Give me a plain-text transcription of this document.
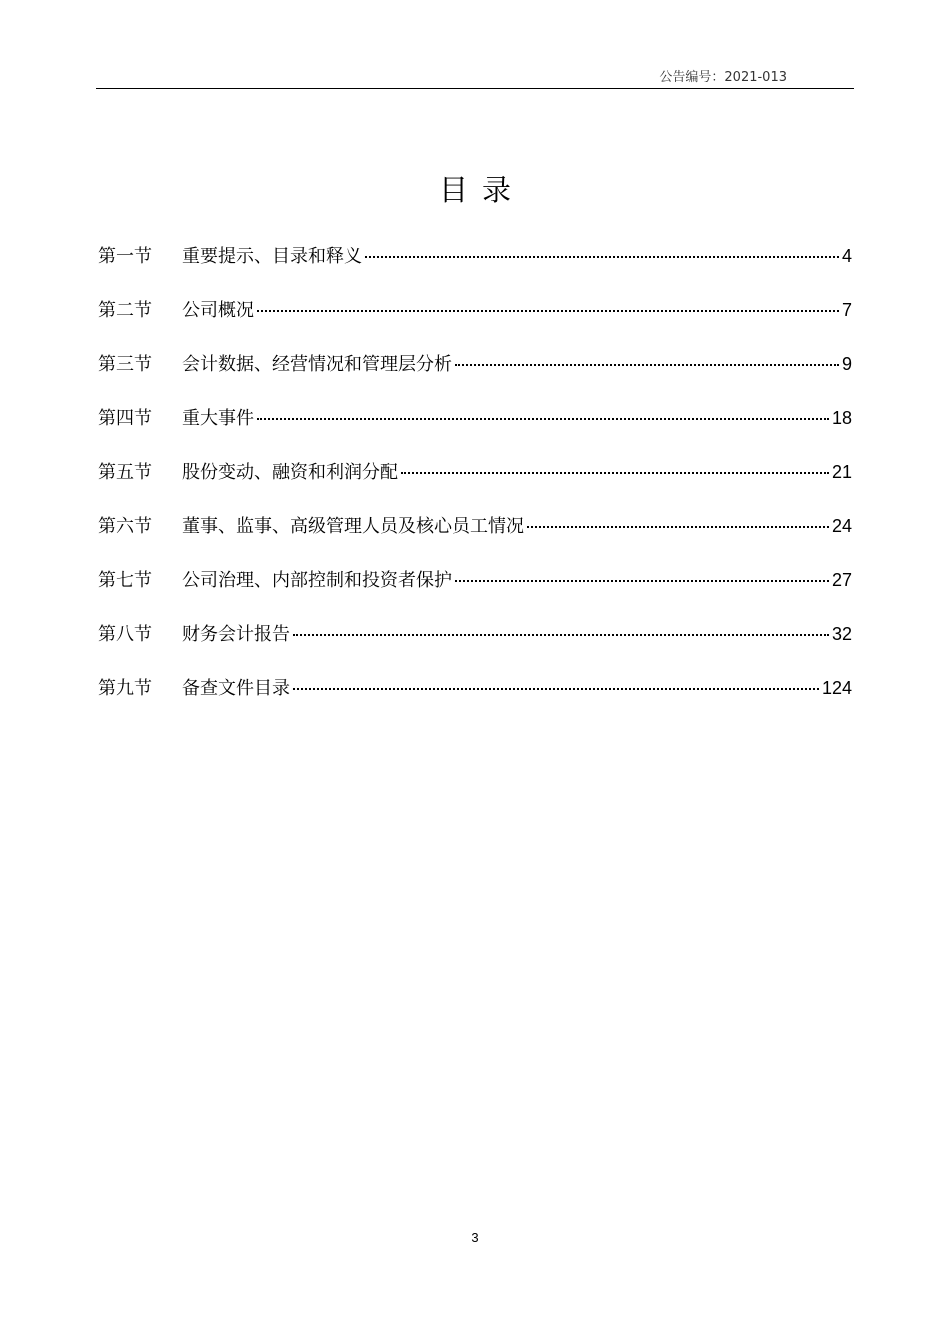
公告编号：2021-013
目录
第一节	重要提示、目录和释义	4
第二节	公司概况	7
第三节	会计数据、经营情况和管理层分析	9
第四节	重大事件	18
第五节	股份变动、融资和利润分配	21
第六节	董事、监事、高级管理人员及核心员工情况	24
第七节	公司治理、内部控制和投资者保护	27
第八节	财务会计报告	32
第九节	备查文件目录	124
3
